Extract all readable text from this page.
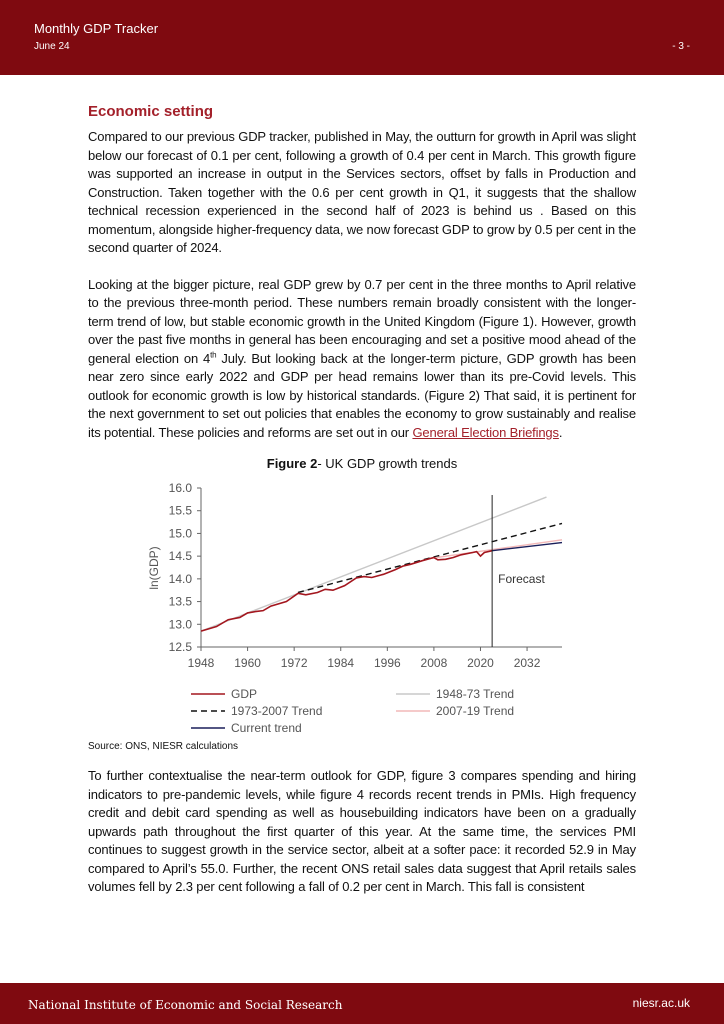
Monthly GDP Tracker
June 24	- 3 -
Economic setting

Compared to our previous GDP tracker, published in May, the outturn for growth in April was slight below our forecast of 0.1 per cent, following a growth of 0.4 per cent in March. This growth figure was supported an increase in output in the Services sectors, offset by falls in Production and Construction. Taken together with the 0.6 per cent growth in Q1, it suggests that the shallow technical recession experienced in the second half of 2023 is behind us . Based on this momentum, alongside higher-frequency data, we now forecast GDP to grow by 0.5 per cent in the second quarter of 2024.

Looking at the bigger picture, real GDP grew by 0.7 per cent in the three months to April relative to the previous three-month period. These numbers remain broadly consistent with the longer-term trend of low, but stable economic growth in the United Kingdom (Figure 1). However, growth over the past five months in general has been encouraging and set a positive mood ahead of the general election on 4th July. But looking back at the longer-term picture, GDP growth has been near zero since early 2022 and GDP per head remains lower than its pre-Covid levels. This outlook for economic growth is low by historical standards. (Figure 2) That said, it is pertinent for the next government to set out policies that enables the economy to grow sustainably and realise its potential. These policies and reforms are set out in our General Election Briefings.

Figure 2- UK GDP growth trends
12.5
13.0
13.5
14.0
14.5
15.0
15.5
16.0
1948 1960 1972 1984 1996 2008 2020 2032
ln(GDP)	Forecast
GDP	1948-73 Trend
1973-2007 Trend	2007-19 Trend
Current trend
Source: ONS, NIESR calculations

To further contextualise the near-term outlook for GDP, figure 3 compares spending and hiring indicators to pre-pandemic levels, while figure 4 records recent trends in PMIs. High frequency credit and debit card spending as well as housebuilding indicators have been on a gradually upwards path throughout the first quarter of this year. At the same time, the services PMI continues to suggest growth in the service sector, albeit at a softer pace: it recorded 52.9 in May compared to April’s 55.0. Further, the recent ONS retail sales data suggest that April retails sales volumes fell by 2.3 per cent following a fall of 0.2 per cent in March. This fall is consistent

National Institute of Economic and Social Research	niesr.ac.uk
